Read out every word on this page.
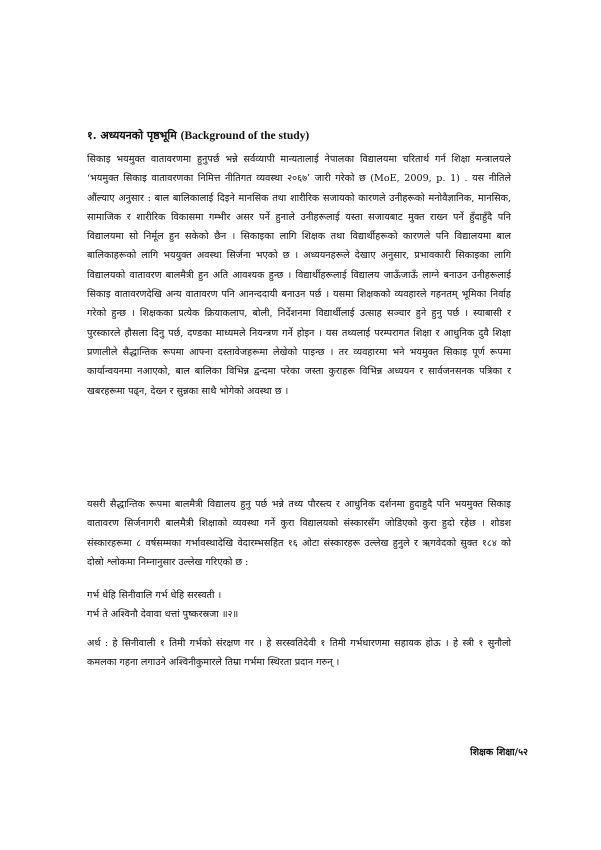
१. अध्ययनको पृष्ठभूमि (Background of the study)

सिकाइ भयमुक्त वातावरणमा हुनुपर्छ भन्ने सर्वव्यापी मान्यतालाई नेपालका विद्यालयमा चरितार्थ गर्न शिक्षा मन्त्रालयले ‘भयमुक्त सिकाइ वातावरणका निमित्त नीतिगत व्यवस्था २०६७’ जारी गरेको छ (MoE, 2009, p. 1) . यस नीतिले औंल्याए अनुसार : बाल बालिकालाई दिइने मानसिक तथा शारीरिक सजायको कारणले उनीहरूको मनोवैज्ञानिक, मानसिक, सामाजिक र शारीरिक विकासमा गम्भीर असर पर्ने हुनाले उनीहरूलाई यस्ता सजायबाट मुक्त राख्न पर्ने हुँदाहुँदै पनि विद्यालयमा सो निर्मूल हुन सकेको छैन । सिकाइका लागि शिक्षक तथा विद्यार्थीहरूको कारणले पनि विद्यालयमा बाल बालिकाहरूको लागि भययुक्त अवस्था सिर्जना भएको छ । अध्ययनहरूले देखाए अनुसार, प्रभावकारी सिकाइका लागि विद्यालयको वातावरण बालमैत्री हुन अति आवश्यक हुन्छ । विद्यार्थीहरूलाई विद्यालय जाऊँजाऊँ लाग्ने बनाउन उनीहरूलाई सिकाइ वातावरणदेखि अन्य वातावरण पनि आनन्ददायी बनाउन पर्छ । यसमा शिक्षकको व्यवहारले गहनतम् भूमिका निर्वाह गरेको हुन्छ । शिक्षकका प्रत्येक क्रियाकलाप, बोली, निर्देशनमा विद्यार्थीलाई उत्साह सञ्चार हुने हुनु पर्छ । स्याबासी र पुरस्कारले हौसला दिनु पर्छ, दण्डका माध्यमले नियन्त्रण गर्ने होइन । यस तथ्यलाई परम्परागत शिक्षा र आधुनिक दुवै शिक्षा प्रणालीले सैद्धान्तिक रूपमा आफ्ना दस्तावेजहरूमा लेखेको पाइन्छ । तर व्यवहारमा भने भयमुक्त सिकाइ पूर्ण रूपमा कार्यान्वयनमा नआएको, बाल बालिका विभिन्न द्वन्दमा परेका जस्ता कुराहरू विभिन्न अध्ययन र सार्वजनसनक पत्रिका र खबरहरूमा पढ्न, देख्न र सुन्नका साथै भोगेको अवस्था छ ।

यसरी सैद्धान्तिक रूपमा बालमैत्री विद्यालय हुनु पर्छ भन्ने तथ्य पौरस्त्य र आधुनिक दर्शनमा हुदाहुदै पनि भयमुक्त सिकाइ वातावरण सिर्जनागरी बालमैत्री शिक्षाको व्यवस्था गर्ने कुरा विद्यालयको संस्कारसँग जोडिएको कुरा हुदो रहेछ । शोडश संस्कारहरूमा ८ वर्षसम्मका गर्भावस्थादेखि वेदारम्भसहित १६ ओटा संस्कारहरू उल्लेख हुनुले र ऋगवेदको सुक्त १८४ को दोस्रो श्लोकमा निम्नानुसार उल्लेख गरिएको छ :

गर्भ धेहि सिनीवालि गर्भ धेहि सरस्वती ।

गर्भ ते अश्विनौ देवावा धत्तां पुष्करस्रजा ॥२॥

अर्थ : हे सिनीवाली १ तिमी गर्भको संरक्षण गर । हे सरस्वतिदेवी १ तिमी गर्भधारणमा सहायक होऊ । हे स्त्री १ सुनौलो कमलका गहना लगाउने अश्विनीकुमारले तिम्रा गर्भमा स्थिरता प्रदान गरुन् ।

शिक्षक शिक्षा/५२
